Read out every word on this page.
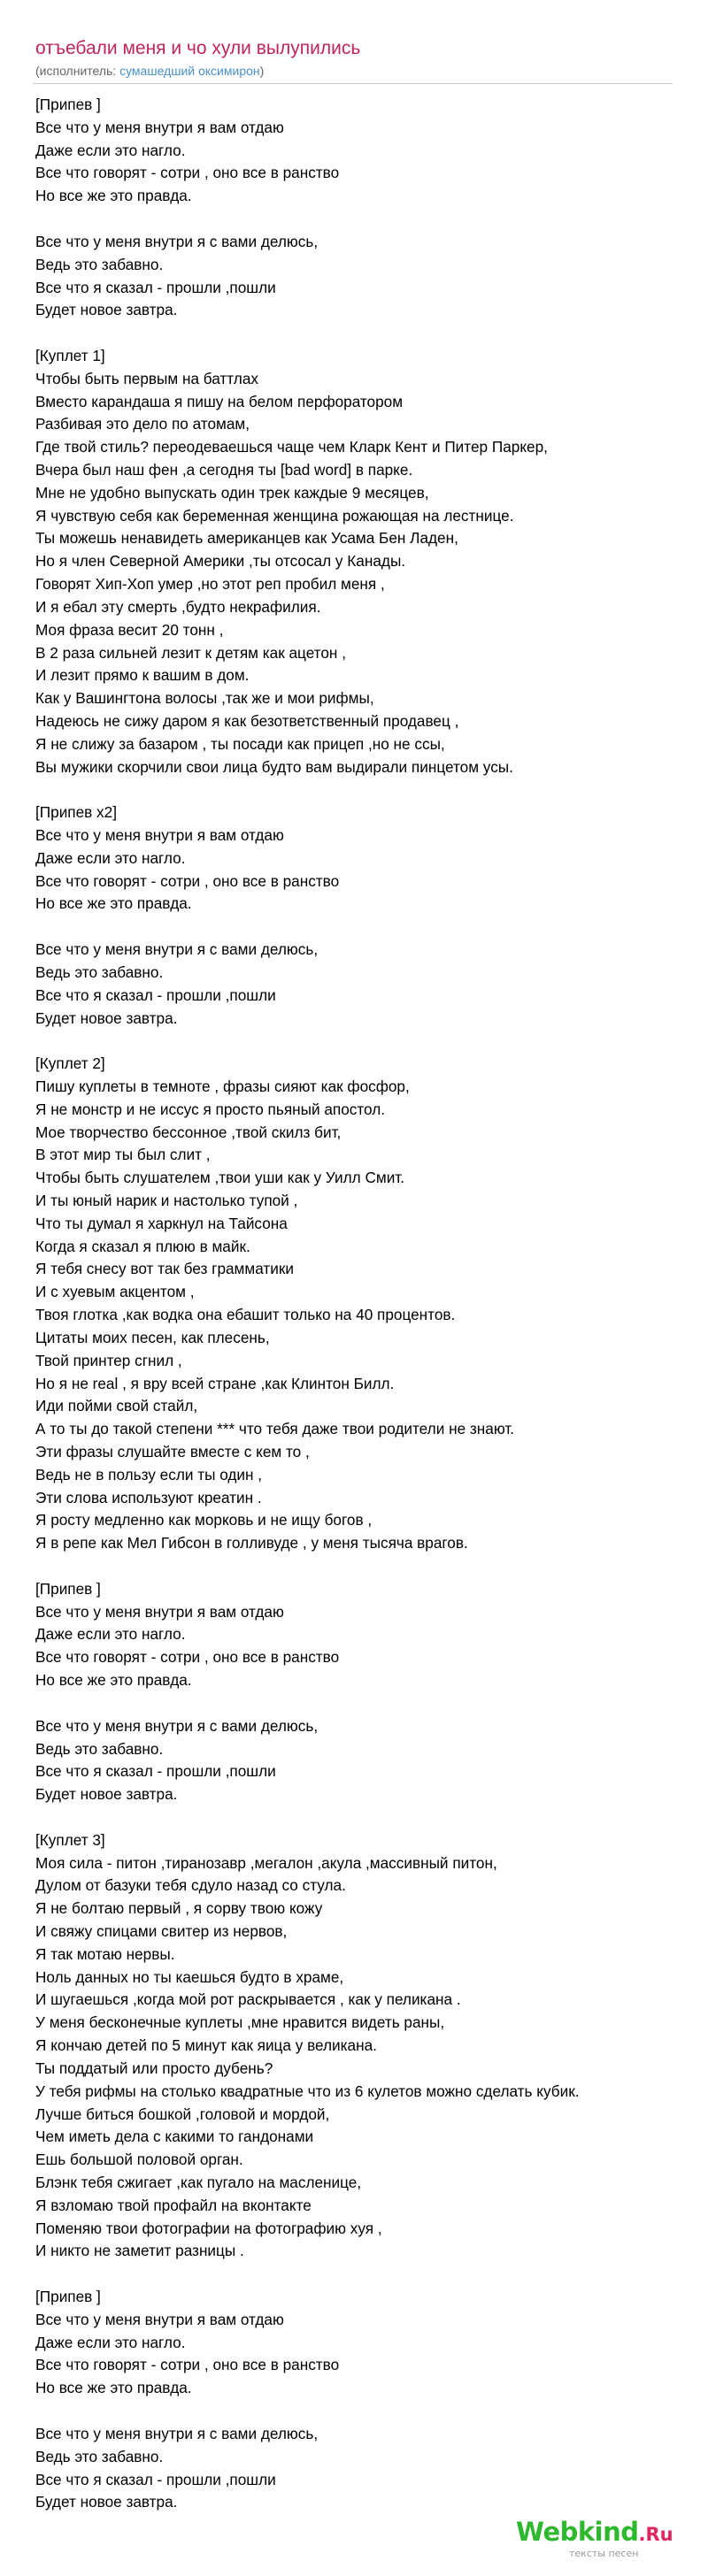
отъебали меня и чо хули вылупились
(исполнитель: сумашедший оксимирон)
[Припев ]
Все что у меня внутри я вам отдаю
Даже если это нагло.
Все что говорят - сотри , оно все в ранство
Но все же это правда.
Все что у меня внутри я с вами делюсь,
Ведь это забавно.
Все что я сказал - прошли ,пошли
Будет новое завтра.
[Куплет 1]
Чтобы быть первым на баттлах
Вместо карандаша я пишу на белом перфоратором
Разбивая это дело по атомам,
Где твой стиль? переодеваешься чаще чем Кларк Кент и Питер Паркер,
Вчера был наш фен ,а сегодня ты [bad word] в парке.
Мне не удобно выпускать один трек каждые 9 месяцев,
Я чувствую себя как беременная женщина рожающая на лестнице.
Ты можешь ненавидеть американцев как Усама Бен Ладен,
Но я член Северной Америки ,ты отсосал у Канады.
Говорят Хип-Хоп умер ,но этот реп пробил меня ,
И я ебал эту смерть ,будто некрафилия.
Моя фраза весит 20 тонн ,
В 2 раза сильней лезит к детям как ацетон ,
И лезит прямо к вашим в дом.
Как у Вашингтона волосы ,так же и мои рифмы,
Надеюсь не сижу даром я как безответственный продавец ,
Я не слижу за базаром , ты посади как прицеп ,но не ссы,
Вы мужики скорчили свои лица будто вам выдирали пинцетом усы.
[Припев x2]
Все что у меня внутри я вам отдаю
Даже если это нагло.
Все что говорят - сотри , оно все в ранство
Но все же это правда.
Все что у меня внутри я с вами делюсь,
Ведь это забавно.
Все что я сказал - прошли ,пошли
Будет новое завтра.
[Куплет 2]
Пишу куплеты в темноте , фразы сияют как фосфор,
Я не монстр и не иссус я просто пьяный апостол.
Мое творчество бессонное ,твой скилз бит,
В этот мир ты был слит ,
Чтобы быть слушателем ,твои уши как у Уилл Смит.
И ты юный нарик и настолько тупой ,
Что ты думал я харкнул на Тайсона
Когда я сказал я плюю в майк.
Я тебя снесу вот так без грамматики
И с хуевым акцентом ,
Твоя глотка ,как водка она ебашит только на 40 процентов.
Цитаты моих песен, как плесень,
Твой принтер сгнил ,
Но я не real , я вру всей стране ,как Клинтон Билл.
Иди пойми свой стайл,
А то ты до такой степени *** что тебя даже твои родители не знают.
Эти фразы слушайте вместе с кем то ,
Ведь не в пользу если ты один ,
Эти слова используют креатин .
Я росту медленно как морковь и не ищу богов ,
Я в репе как Мел Гибсон в голливуде , у меня тысяча врагов.
[Припев ]
Все что у меня внутри я вам отдаю
Даже если это нагло.
Все что говорят - сотри , оно все в ранство
Но все же это правда.
Все что у меня внутри я с вами делюсь,
Ведь это забавно.
Все что я сказал - прошли ,пошли
Будет новое завтра.
[Куплет 3]
Моя сила - питон ,тиранозавр ,мегалон ,акула ,массивный питон,
Дулом от базуки тебя сдуло назад со стула.
Я не болтаю первый , я сорву твою кожу
И свяжу спицами свитер из нервов,
Я так мотаю нервы.
Ноль данных но ты каешься будто в храме,
И шугаешься ,когда мой рот раскрывается , как у пеликана .
У меня бесконечные куплеты ,мне нравится видеть раны,
Я кончаю детей по 5 минут как яица у великана.
Ты поддатый или просто дубень?
У тебя рифмы на столько квадратные что из 6 кулетов можно сделать кубик.
Лучше биться бошкой ,головой и мордой,
Чем иметь дела с какими то гандонами
Ешь большой половой орган.
Блэнк тебя сжигает ,как пугало на масленице,
Я взломаю твой профайл на вконтакте
Поменяю твои фотографии на фотографию хуя ,
И никто не заметит разницы .
[Припев ]
Все что у меня внутри я вам отдаю
Даже если это нагло.
Все что говорят - сотри , оно все в ранство
Но все же это правда.
Все что у меня внутри я с вами делюсь,
Ведь это забавно.
Все что я сказал - прошли ,пошли
Будет новое завтра.
Webkind.Ru
тексты песен
